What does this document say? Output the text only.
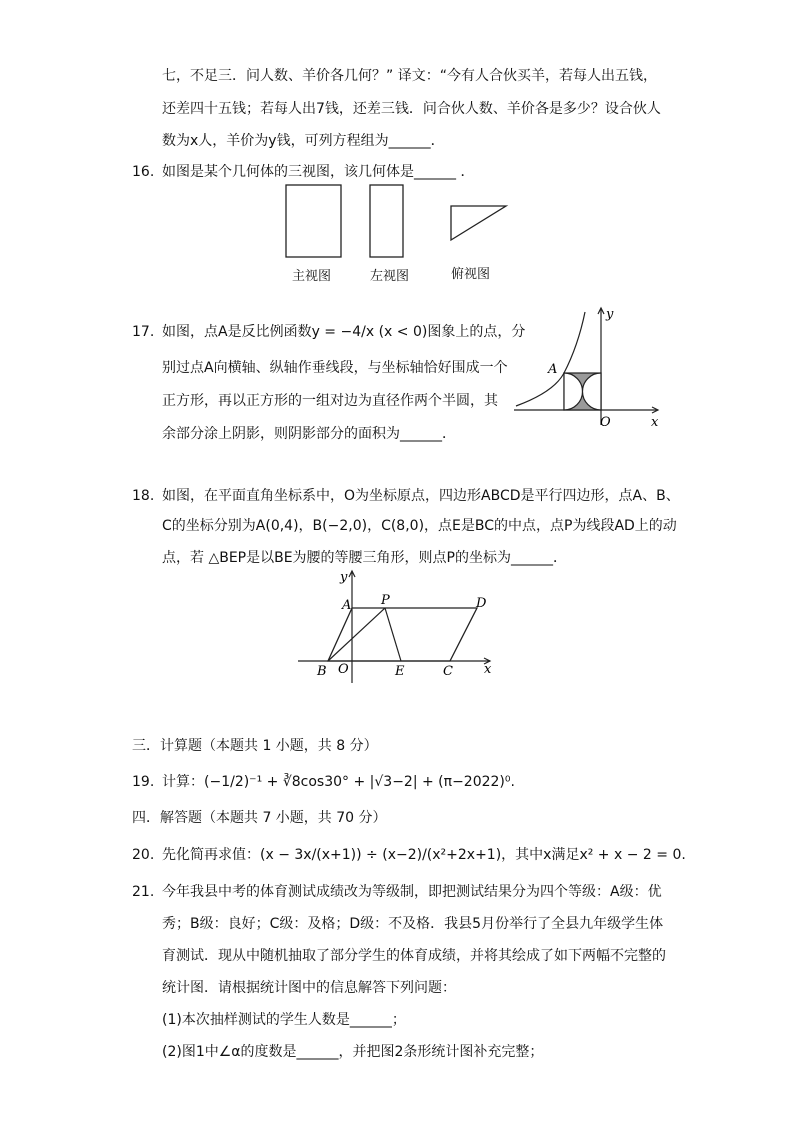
七，不足三．问人数、羊价各几何？” 译文：“今有人合伙买羊，若每人出五钱，
还差四十五钱；若每人出7钱，还差三钱．问合伙人数、羊价各是多少？设合伙人
数为x人，羊价为y钱，可列方程组为______．
16. 如图是某个几何体的三视图，该几何体是______ ．
主视图	左视图	俯视图
17. 如图，点A是反比例函数y = −4/x (x < 0)图象上的点，分
别过点A向横轴、纵轴作垂线段，与坐标轴恰好围成一个
正方形，再以正方形的一组对边为直径作两个半圆，其
余部分涂上阴影，则阴影部分的面积为______．
y
x
O
A
18. 如图，在平面直角坐标系中，O为坐标原点，四边形ABCD是平行四边形，点A、B、
C的坐标分别为A(0,4)，B(−2,0)，C(8,0)，点E是BC的中点，点P为线段AD上的动
点，若 △BEP是以BE为腰的等腰三角形，则点P的坐标为______．
A P	D
B O	E	C
y
x
三．计算题（本题共 1 小题，共 8 分）
19. 计算：(−1/2)⁻¹ + ∛8cos30° + |√3−2| + (π−2022)⁰.
四．解答题（本题共 7 小题，共 70 分）
20. 先化简再求值：(x − 3x/(x+1)) ÷ (x−2)/(x²+2x+1)，其中x满足x² + x − 2 = 0.
21. 今年我县中考的体育测试成绩改为等级制，即把测试结果分为四个等级：A级：优
秀；B级：良好；C级：及格；D级：不及格．我县5月份举行了全县九年级学生体
育测试．现从中随机抽取了部分学生的体育成绩，并将其绘成了如下两幅不完整的
统计图．请根据统计图中的信息解答下列问题：
(1)本次抽样测试的学生人数是______；
(2)图1中∠α的度数是______，并把图2条形统计图补充完整；
